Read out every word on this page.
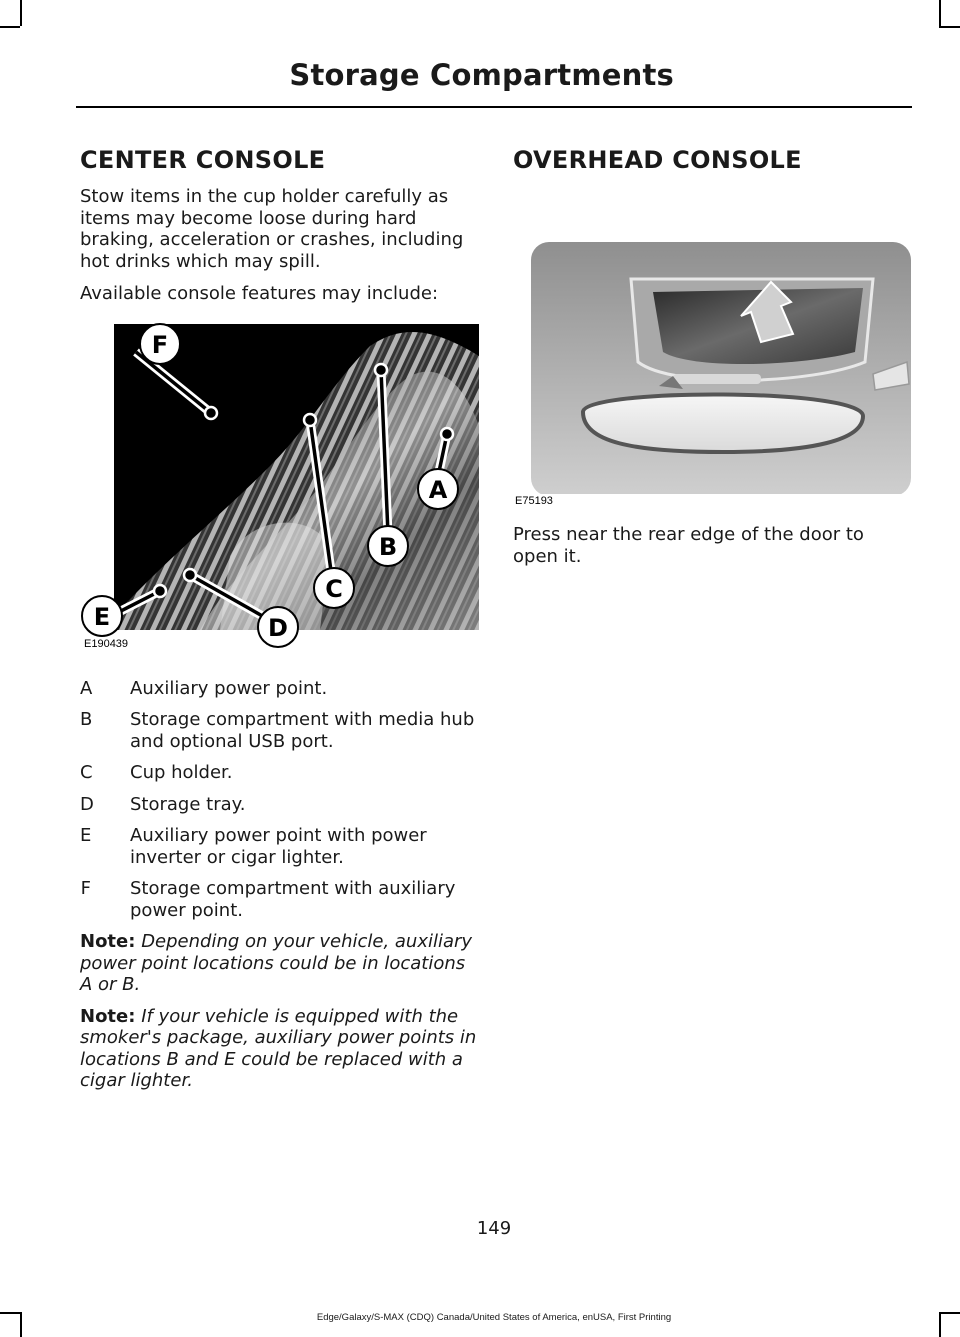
Storage Compartments
CENTER CONSOLE

Stow items in the cup holder carefully as items may become loose during hard braking, acceleration or crashes, including hot drinks which may spill.

Available console features may include:

F
A
B
C
D
E
E190439
A	Auxiliary power point.
B	Storage compartment with media hub and optional USB port.
C	Cup holder.
D	Storage tray.
E	Auxiliary power point with power inverter or cigar lighter.
F	Storage compartment with auxiliary power point.

Note: Depending on your vehicle, auxiliary power point locations could be in locations A or B.

Note: If your vehicle is equipped with the smoker's package, auxiliary power points in locations B and E could be replaced with a cigar lighter.

OVERHEAD CONSOLE
E75193

Press near the rear edge of the door to open it.

149
Edge/Galaxy/S-MAX (CDQ) Canada/United States of America, enUSA, First Printing
